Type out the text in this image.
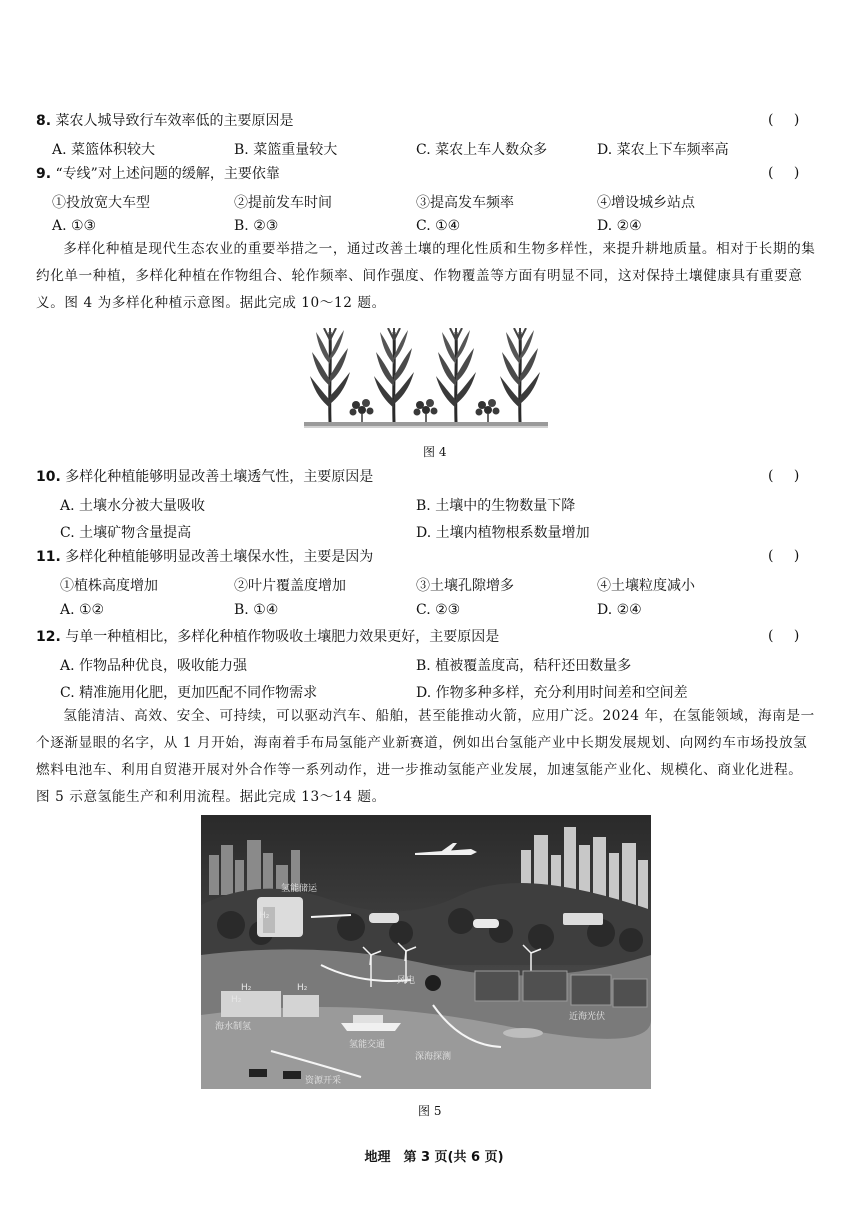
8. 菜农人城导致行车效率低的主要原因是	( )
A. 菜篮体积较大	B. 菜篮重量较大	C. 菜农上车人数众多	D. 菜农上下车频率高
9. “专线”对上述问题的缓解，主要依靠	( )
①投放宽大车型	②提前发车时间	③提高发车频率	④增设城乡站点
A. ①③	B. ②③	C. ①④	D. ②④
多样化种植是现代生态农业的重要举措之一，通过改善土壤的理化性质和生物多样性，来提升耕地质量。相对于长期的集约化单一种植，多样化种植在作物组合、轮作频率、间作强度、作物覆盖等方面有明显不同，这对保持土壤健康具有重要意义。图 4 为多样化种植示意图。据此完成 10～12 题。
图 4
10. 多样化种植能够明显改善土壤透气性，主要原因是	( )
A. 土壤水分被大量吸收	B. 土壤中的生物数量下降
C. 土壤矿物含量提高	D. 土壤内植物根系数量增加
11. 多样化种植能够明显改善土壤保水性，主要是因为	( )
①植株高度增加	②叶片覆盖度增加	③土壤孔隙增多	④土壤粒度减小
A. ①②	B. ①④	C. ②③	D. ②④
12. 与单一种植相比，多样化种植作物吸收土壤肥力效果更好，主要原因是	( )
A. 作物品种优良，吸收能力强	B. 植被覆盖度高，秸秆还田数量多
C. 精准施用化肥，更加匹配不同作物需求	D. 作物多种多样，充分利用时间差和空间差
氢能清洁、高效、安全、可持续，可以驱动汽车、船舶，甚至能推动火箭，应用广泛。2024 年，在氢能领域，海南是一个逐渐显眼的名字，从 1 月开始，海南着手布局氢能产业新赛道，例如出台氢能产业中长期发展规划、向网约车市场投放氢燃料电池车、利用自贸港开展对外合作等一系列动作，进一步推动氢能产业发展，加速氢能产业化、规模化、商业化进程。图 5 示意氢能生产和利用流程。据此完成 13～14 题。
氢能储运
H₂
H₂
H₂
H₂
风电
海水制氢
氢能交通
近海光伏
深海探测
资源开采
图 5
地理　第 3 页(共 6 页)
